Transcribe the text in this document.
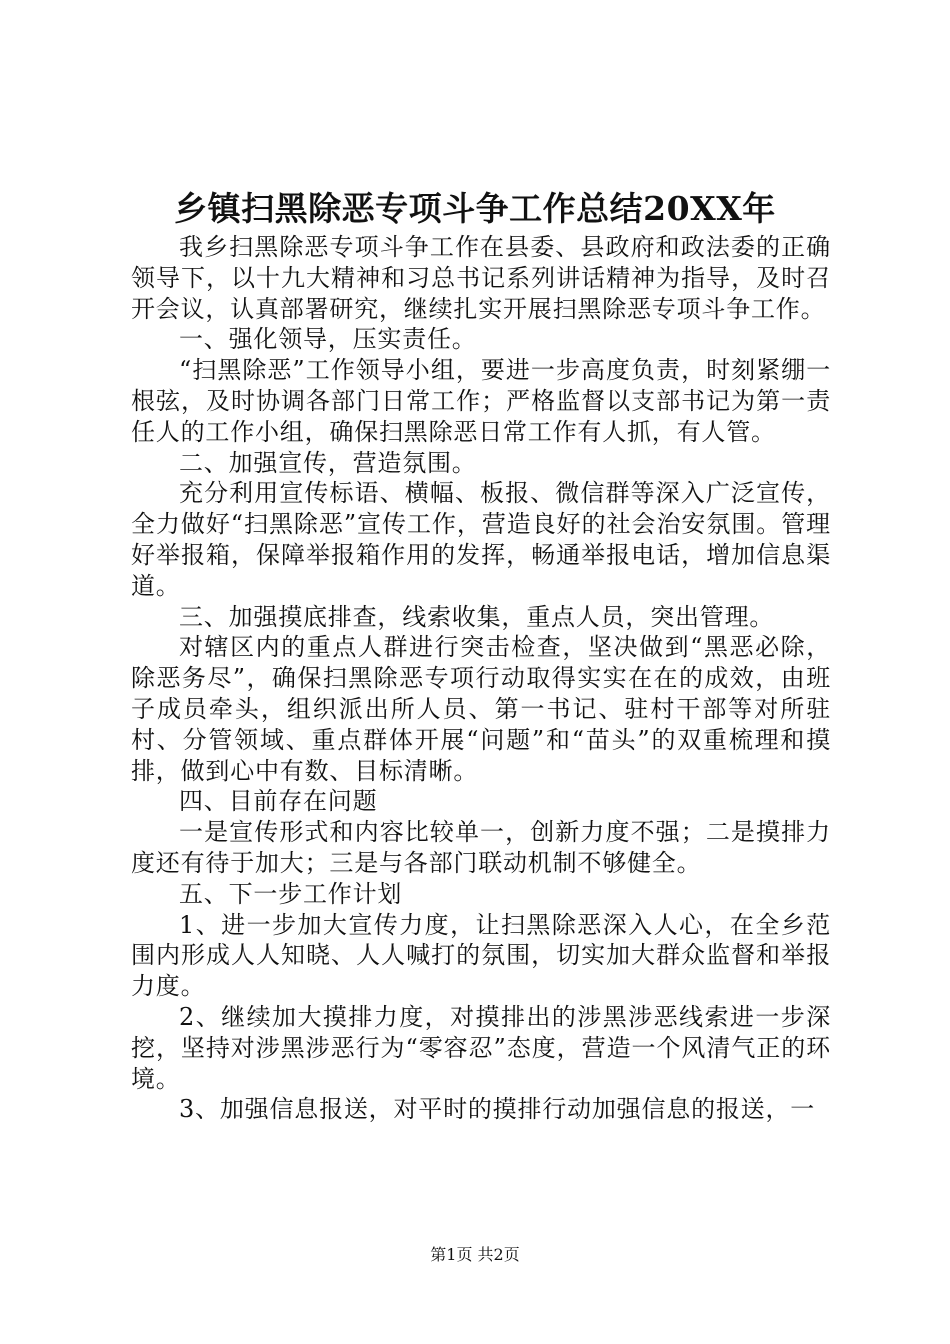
乡镇扫黑除恶专项斗争工作总结20XX年

我乡扫黑除恶专项斗争工作在县委、县政府和政法委的正确领导下，以十九大精神和习总书记系列讲话精神为指导，及时召开会议，认真部署研究，继续扎实开展扫黑除恶专项斗争工作。

一、强化领导，压实责任。

“扫黑除恶”工作领导小组，要进一步高度负责，时刻紧绷一根弦，及时协调各部门日常工作；严格监督以支部书记为第一责任人的工作小组，确保扫黑除恶日常工作有人抓，有人管。

二、加强宣传，营造氛围。

充分利用宣传标语、横幅、板报、微信群等深入广泛宣传，全力做好“扫黑除恶”宣传工作，营造良好的社会治安氛围。管理好举报箱，保障举报箱作用的发挥，畅通举报电话，增加信息渠道。

三、加强摸底排查，线索收集，重点人员，突出管理。

对辖区内的重点人群进行突击检查，坚决做到“黑恶必除，除恶务尽”，确保扫黑除恶专项行动取得实实在在的成效，由班子成员牵头，组织派出所人员、第一书记、驻村干部等对所驻村、分管领域、重点群体开展“问题”和“苗头”的双重梳理和摸排，做到心中有数、目标清晰。

四、目前存在问题

一是宣传形式和内容比较单一，创新力度不强；二是摸排力度还有待于加大；三是与各部门联动机制不够健全。

五、下一步工作计划

1、进一步加大宣传力度，让扫黑除恶深入人心，在全乡范围内形成人人知晓、人人喊打的氛围，切实加大群众监督和举报力度。

2、继续加大摸排力度，对摸排出的涉黑涉恶线索进一步深挖，坚持对涉黑涉恶行为“零容忍”态度，营造一个风清气正的环境。

3、加强信息报送，对平时的摸排行动加强信息的报送，一

第1页 共2页
